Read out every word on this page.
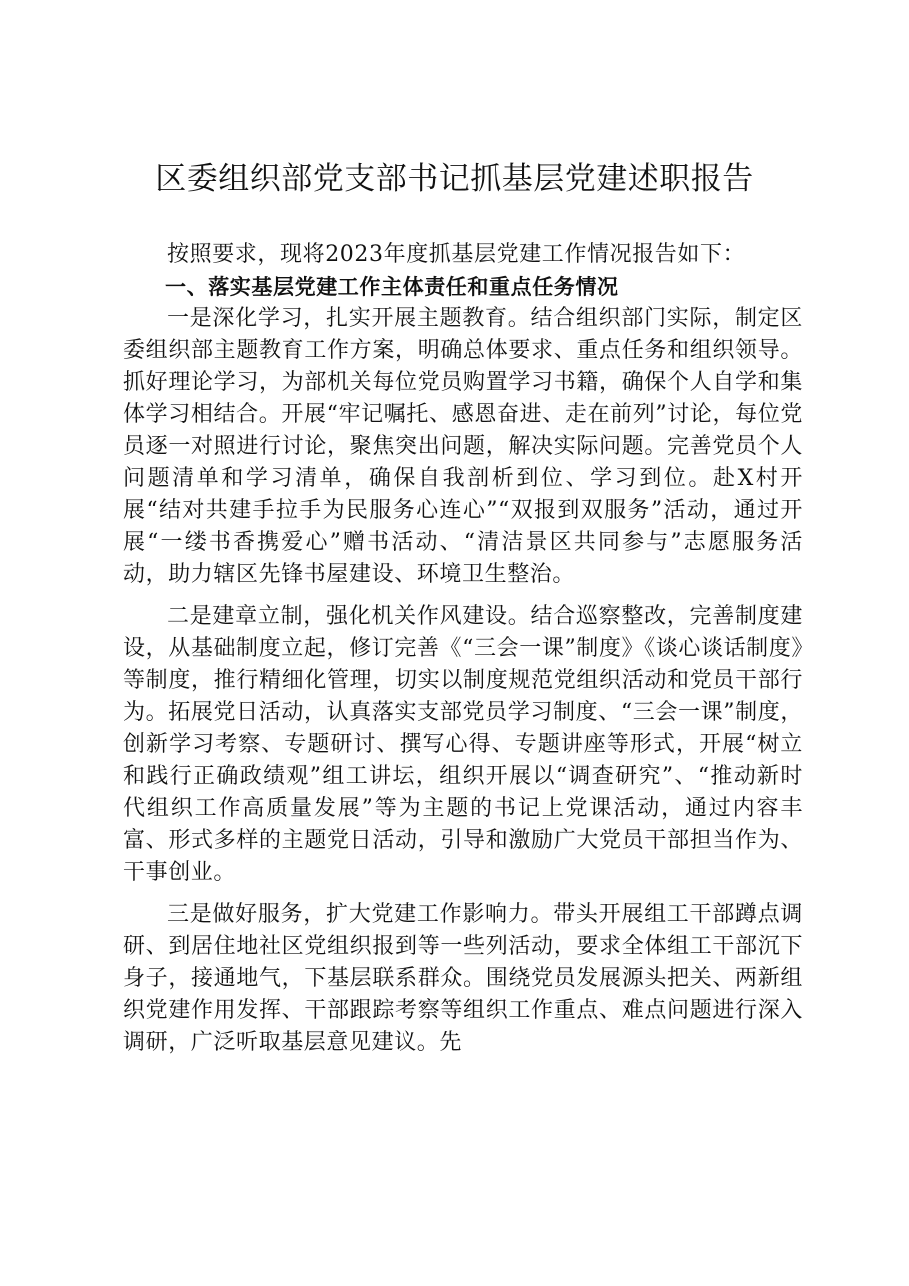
区委组织部党支部书记抓基层党建述职报告

按照要求，现将2023年度抓基层党建工作情况报告如下：

一、落实基层党建工作主体责任和重点任务情况

一是深化学习，扎实开展主题教育。结合组织部门实际，制定区委组织部主题教育工作方案，明确总体要求、重点任务和组织领导。抓好理论学习，为部机关每位党员购置学习书籍，确保个人自学和集体学习相结合。开展“牢记嘱托、感恩奋进、走在前列”讨论，每位党员逐一对照进行讨论，聚焦突出问题，解决实际问题。完善党员个人问题清单和学习清单，确保自我剖析到位、学习到位。赴X村开展“结对共建手拉手为民服务心连心”“双报到双服务”活动，通过开展“一缕书香携爱心”赠书活动、“清洁景区共同参与”志愿服务活动，助力辖区先锋书屋建设、环境卫生整治。

二是建章立制，强化机关作风建设。结合巡察整改，完善制度建设，从基础制度立起，修订完善《“三会一课”制度》《谈心谈话制度》等制度，推行精细化管理，切实以制度规范党组织活动和党员干部行为。拓展党日活动，认真落实支部党员学习制度、“三会一课”制度，创新学习考察、专题研讨、撰写心得、专题讲座等形式，开展“树立和践行正确政绩观”组工讲坛，组织开展以“调查研究”、“推动新时代组织工作高质量发展”等为主题的书记上党课活动，通过内容丰富、形式多样的主题党日活动，引导和激励广大党员干部担当作为、干事创业。

三是做好服务，扩大党建工作影响力。带头开展组工干部蹲点调研、到居住地社区党组织报到等一些列活动，要求全体组工干部沉下身子，接通地气，下基层联系群众。围绕党员发展源头把关、两新组织党建作用发挥、干部跟踪考察等组织工作重点、难点问题进行深入调研，广泛听取基层意见建议。先
